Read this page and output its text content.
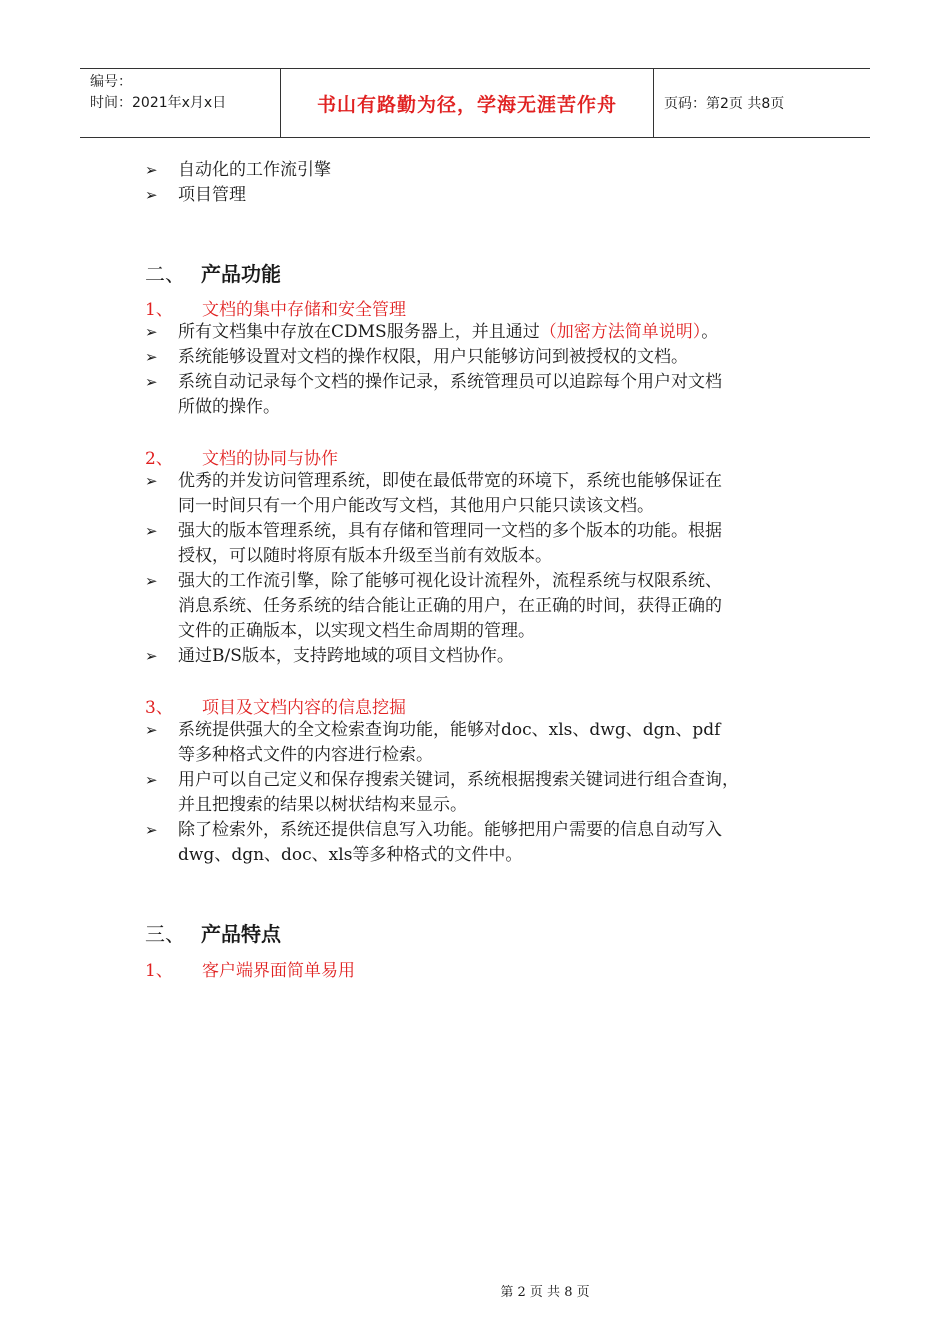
编号：
时间：2021年x月x日	书山有路勤为径，学海无涯苦作舟	页码：第2页 共8页
➢ 自动化的工作流引擎
➢ 项目管理
二、 产品功能
1、 文档的集中存储和安全管理
➢ 所有文档集中存放在CDMS服务器上，并且通过（加密方法简单说明）。
➢ 系统能够设置对文档的操作权限，用户只能够访问到被授权的文档。
➢ 系统自动记录每个文档的操作记录，系统管理员可以追踪每个用户对文档
所做的操作。
2、 文档的协同与协作
➢ 优秀的并发访问管理系统，即使在最低带宽的环境下，系统也能够保证在
同一时间只有一个用户能改写文档，其他用户只能只读该文档。
➢ 强大的版本管理系统，具有存储和管理同一文档的多个版本的功能。根据
授权，可以随时将原有版本升级至当前有效版本。
➢ 强大的工作流引擎，除了能够可视化设计流程外，流程系统与权限系统、
消息系统、任务系统的结合能让正确的用户，在正确的时间，获得正确的
文件的正确版本，以实现文档生命周期的管理。
➢ 通过B/S版本，支持跨地域的项目文档协作。
3、 项目及文档内容的信息挖掘
➢ 系统提供强大的全文检索查询功能，能够对doc、xls、dwg、dgn、pdf
等多种格式文件的内容进行检索。
➢ 用户可以自己定义和保存搜索关键词，系统根据搜索关键词进行组合查询，
并且把搜索的结果以树状结构来显示。
➢ 除了检索外，系统还提供信息写入功能。能够把用户需要的信息自动写入
dwg、dgn、doc、xls等多种格式的文件中。
三、 产品特点
1、 客户端界面简单易用
第 2 页 共 8 页
